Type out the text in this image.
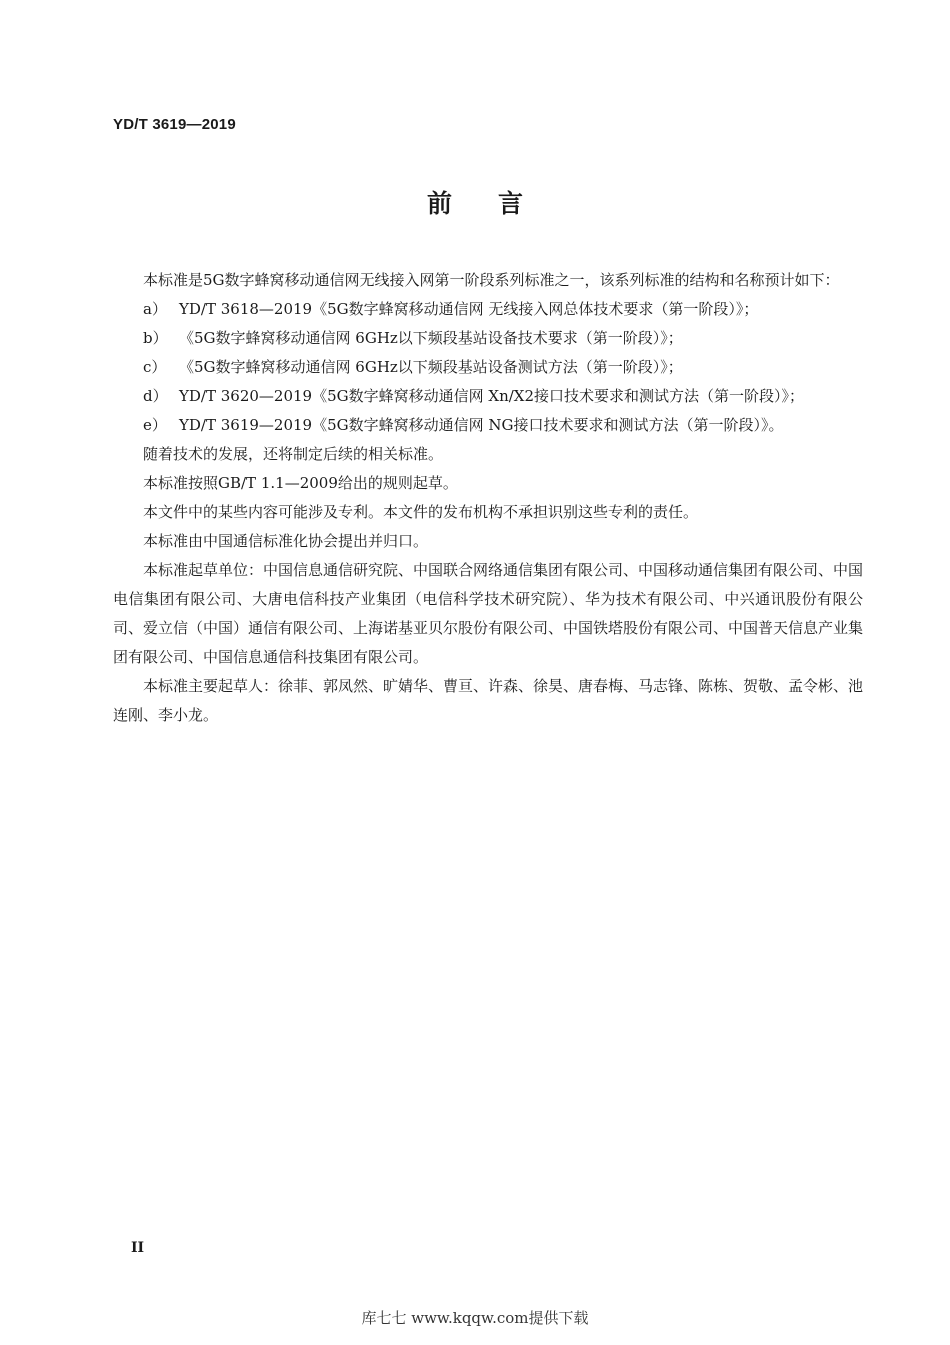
YD/T 3619—2019
前言

本标准是5G数字蜂窝移动通信网无线接入网第一阶段系列标准之一，该系列标准的结构和名称预计如下：

a） YD/T 3618—2019《5G数字蜂窝移动通信网 无线接入网总体技术要求（第一阶段）》；

b） 《5G数字蜂窝移动通信网 6GHz以下频段基站设备技术要求（第一阶段）》；

c） 《5G数字蜂窝移动通信网 6GHz以下频段基站设备测试方法（第一阶段）》；

d） YD/T 3620—2019《5G数字蜂窝移动通信网 Xn/X2接口技术要求和测试方法（第一阶段）》；

e） YD/T 3619—2019《5G数字蜂窝移动通信网 NG接口技术要求和测试方法（第一阶段）》。

随着技术的发展，还将制定后续的相关标准。

本标准按照GB/T 1.1—2009给出的规则起草。

本文件中的某些内容可能涉及专利。本文件的发布机构不承担识别这些专利的责任。

本标准由中国通信标准化协会提出并归口。

本标准起草单位：中国信息通信研究院、中国联合网络通信集团有限公司、中国移动通信集团有限公司、中国电信集团有限公司、大唐电信科技产业集团（电信科学技术研究院）、华为技术有限公司、中兴通讯股份有限公司、爱立信（中国）通信有限公司、上海诺基亚贝尔股份有限公司、中国铁塔股份有限公司、中国普天信息产业集团有限公司、中国信息通信科技集团有限公司。

本标准主要起草人：徐菲、郭凤然、旷婧华、曹亘、许森、徐昊、唐春梅、马志锋、陈栋、贺敬、孟令彬、池连刚、李小龙。

II
库七七 www.kqqw.com提供下载
